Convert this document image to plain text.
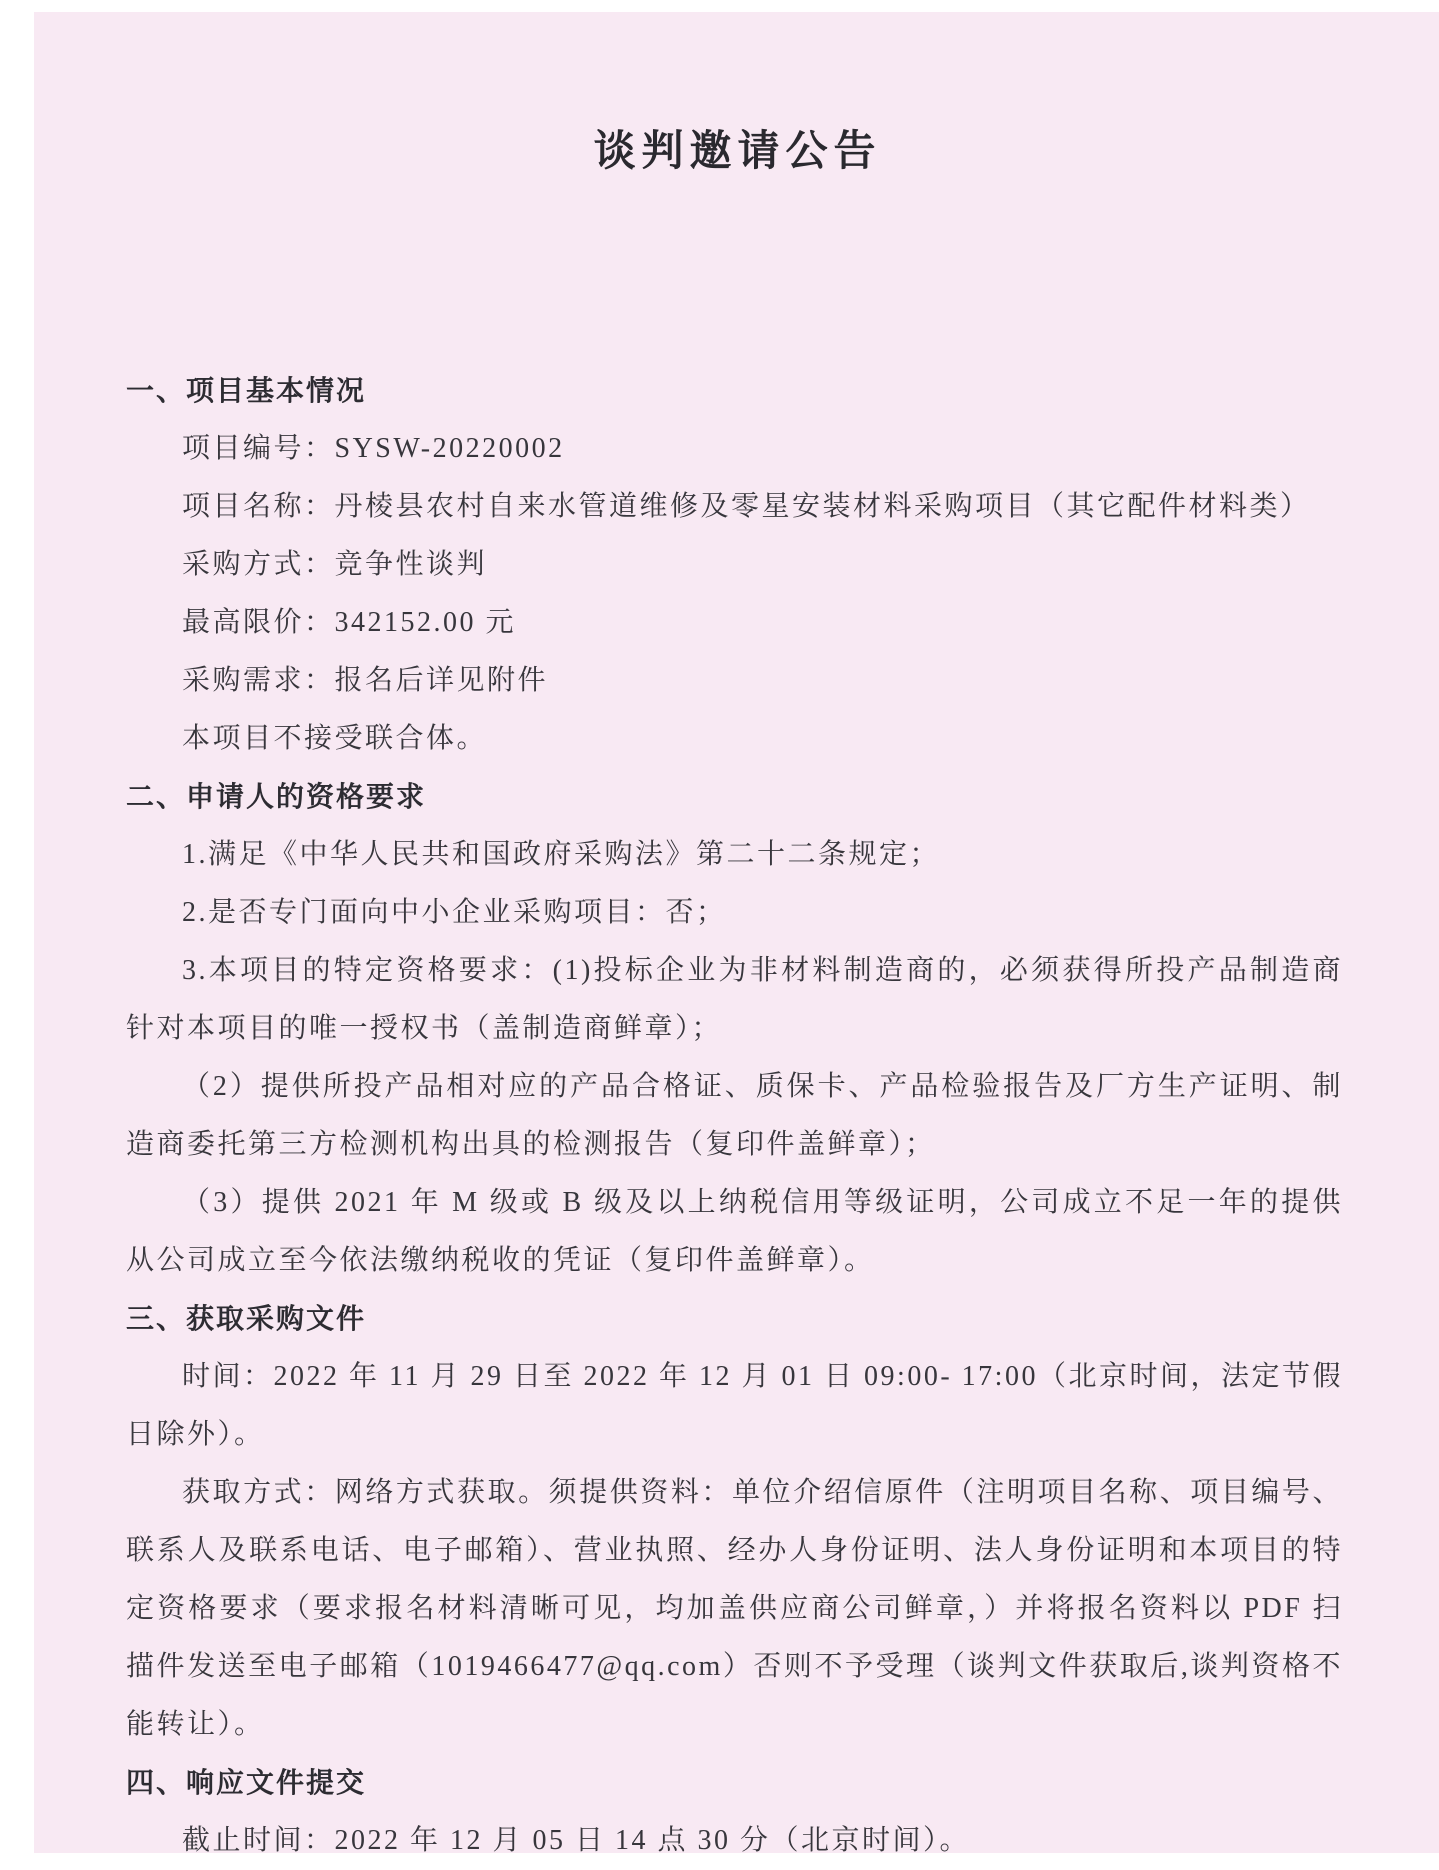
谈判邀请公告
一、项目基本情况

项目编号：SYSW-20220002

项目名称：丹棱县农村自来水管道维修及零星安装材料采购项目（其它配件材料类）

采购方式：竞争性谈判

最高限价：342152.00 元

采购需求：报名后详见附件

本项目不接受联合体。

二、申请人的资格要求

1.满足《中华人民共和国政府采购法》第二十二条规定；

2.是否专门面向中小企业采购项目：否；

3.本项目的特定资格要求：(1)投标企业为非材料制造商的，必须获得所投产品制造商针对本项目的唯一授权书（盖制造商鲜章）；

（2）提供所投产品相对应的产品合格证、质保卡、产品检验报告及厂方生产证明、制造商委托第三方检测机构出具的检测报告（复印件盖鲜章）；

（3）提供 2021 年 M 级或 B 级及以上纳税信用等级证明，公司成立不足一年的提供从公司成立至今依法缴纳税收的凭证（复印件盖鲜章）。

三、获取采购文件

时间：2022 年 11 月 29 日至 2022 年 12 月 01 日 09:00- 17:00（北京时间，法定节假日除外）。

获取方式：网络方式获取。须提供资料：单位介绍信原件（注明项目名称、项目编号、联系人及联系电话、电子邮箱）、营业执照、经办人身份证明、法人身份证明和本项目的特定资格要求（要求报名材料清晰可见，均加盖供应商公司鲜章，）并将报名资料以 PDF 扫描件发送至电子邮箱（1019466477@qq.com）否则不予受理（谈判文件获取后,谈判资格不能转让）。

四、响应文件提交

截止时间：2022 年 12 月 05 日 14 点 30 分（北京时间）。
